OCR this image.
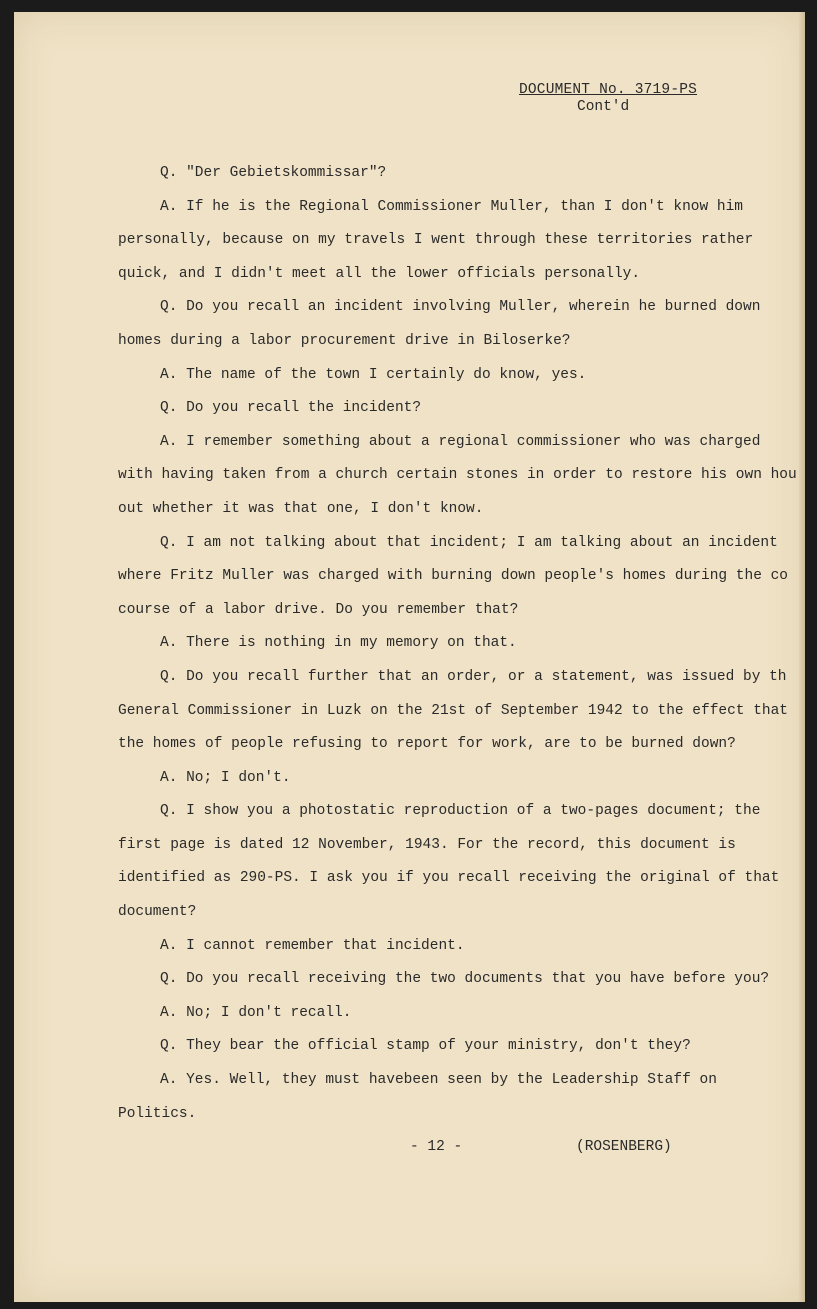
DOCUMENT No. 3719-PS
Cont'd
Q. "Der Gebietskommissar"?
A. If he is the Regional Commissioner Muller, than I don't know him
personally, because on my travels I went through these territories rather
quick, and I didn't meet all the lower officials personally.
Q. Do you recall an incident involving Muller, wherein he burned down
homes during a labor procurement drive in Biloserke?
A. The name of the town I certainly do know, yes.
Q. Do you recall the incident?
A. I remember something about a regional commissioner who was charged
with having taken from a church certain stones in order to restore his own hou
out whether it was that one, I don't know.
Q. I am not talking about that incident; I am talking about an incident
where Fritz Muller was charged with burning down people's homes during the co
course of a labor drive. Do you remember that?
A. There is nothing in my memory on that.
Q. Do you recall further that an order, or a statement, was issued by th
General Commissioner in Luzk on the 21st of September 1942 to the effect that
the homes of people refusing to report for work, are to be burned down?
A. No; I don't.
Q. I show you a photostatic reproduction of a two-pages document; the
first page is dated 12 November, 1943. For the record, this document is
identified as 290-PS. I ask you if you recall receiving the original of that
document?
A. I cannot remember that incident.
Q. Do you recall receiving the two documents that you have before you?
A. No; I don't recall.
Q. They bear the official stamp of your ministry, don't they?
A. Yes. Well, they must havebeen seen by the Leadership Staff on
Politics.
- 12 -	(ROSENBERG)
